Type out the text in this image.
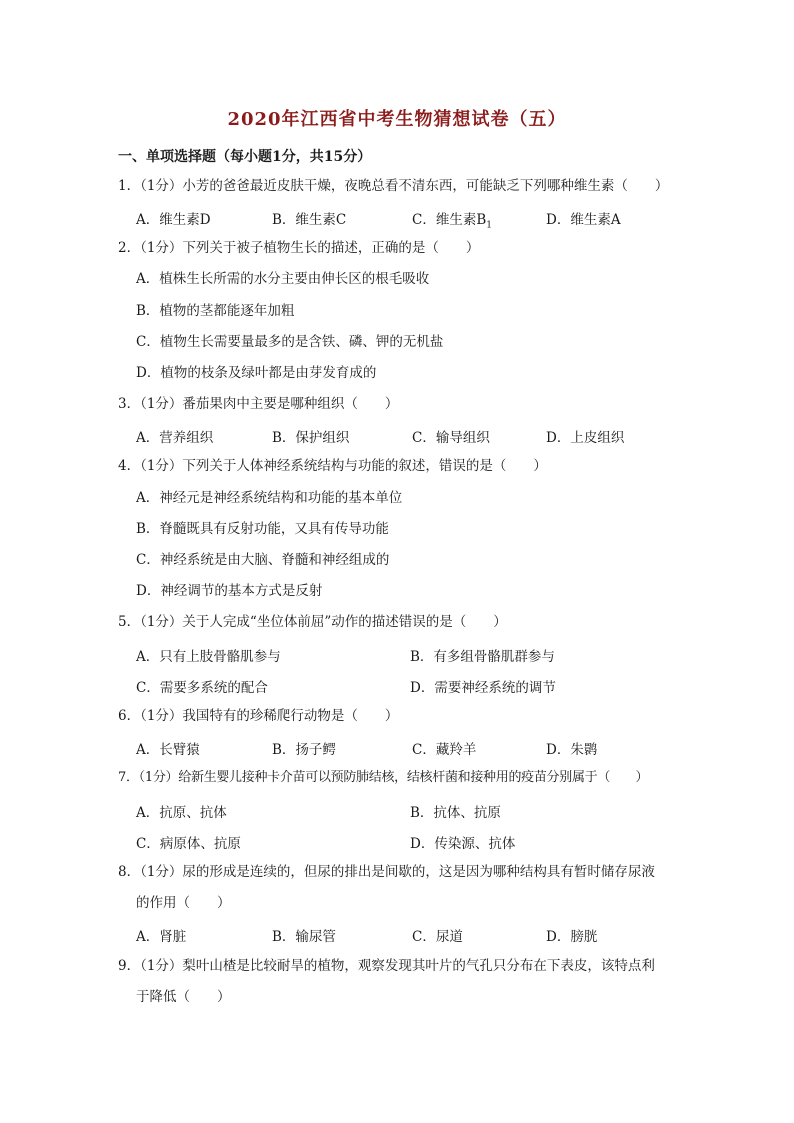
2020年江西省中考生物猜想试卷（五）
一、单项选择题（每小题1分，共15分）
1．（1分）小芳的爸爸最近皮肤干燥，夜晚总看不清东西，可能缺乏下列哪种维生素（　　）
A．维生素D	B．维生素C	C．维生素$B_1$	D．维生素A
2．（1分）下列关于被子植物生长的描述，正确的是（　　）
A．植株生长所需的水分主要由伸长区的根毛吸收
B．植物的茎都能逐年加粗
C．植物生长需要量最多的是含铁、磷、钾的无机盐
D．植物的枝条及绿叶都是由芽发育成的
3．（1分）番茄果肉中主要是哪种组织（　　）
A．营养组织	B．保护组织	C．输导组织	D．上皮组织
4．（1分）下列关于人体神经系统结构与功能的叙述，错误的是（　　）
A．神经元是神经系统结构和功能的基本单位
B．脊髓既具有反射功能，又具有传导功能
C．神经系统是由大脑、脊髓和神经组成的
D．神经调节的基本方式是反射
5．（1分）关于人完成“坐位体前屈”动作的描述错误的是（　　）
A．只有上肢骨骼肌参与	B．有多组骨骼肌群参与
C．需要多系统的配合	D．需要神经系统的调节
6．（1分）我国特有的珍稀爬行动物是（　　）
A．长臂猿	B．扬子鳄	C．藏羚羊	D．朱鹮
7．（1分）给新生婴儿接种卡介苗可以预防肺结核，结核杆菌和接种用的疫苗分别属于（　　）
A．抗原、抗体	B．抗体、抗原
C．病原体、抗原	D．传染源、抗体
8．（1分）尿的形成是连续的，但尿的排出是间歇的，这是因为哪种结构具有暂时储存尿液
的作用（　　）
A．肾脏	B．输尿管	C．尿道	D．膀胱
9．（1分）梨叶山楂是比较耐旱的植物，观察发现其叶片的气孔只分布在下表皮，该特点利
于降低（　　）
